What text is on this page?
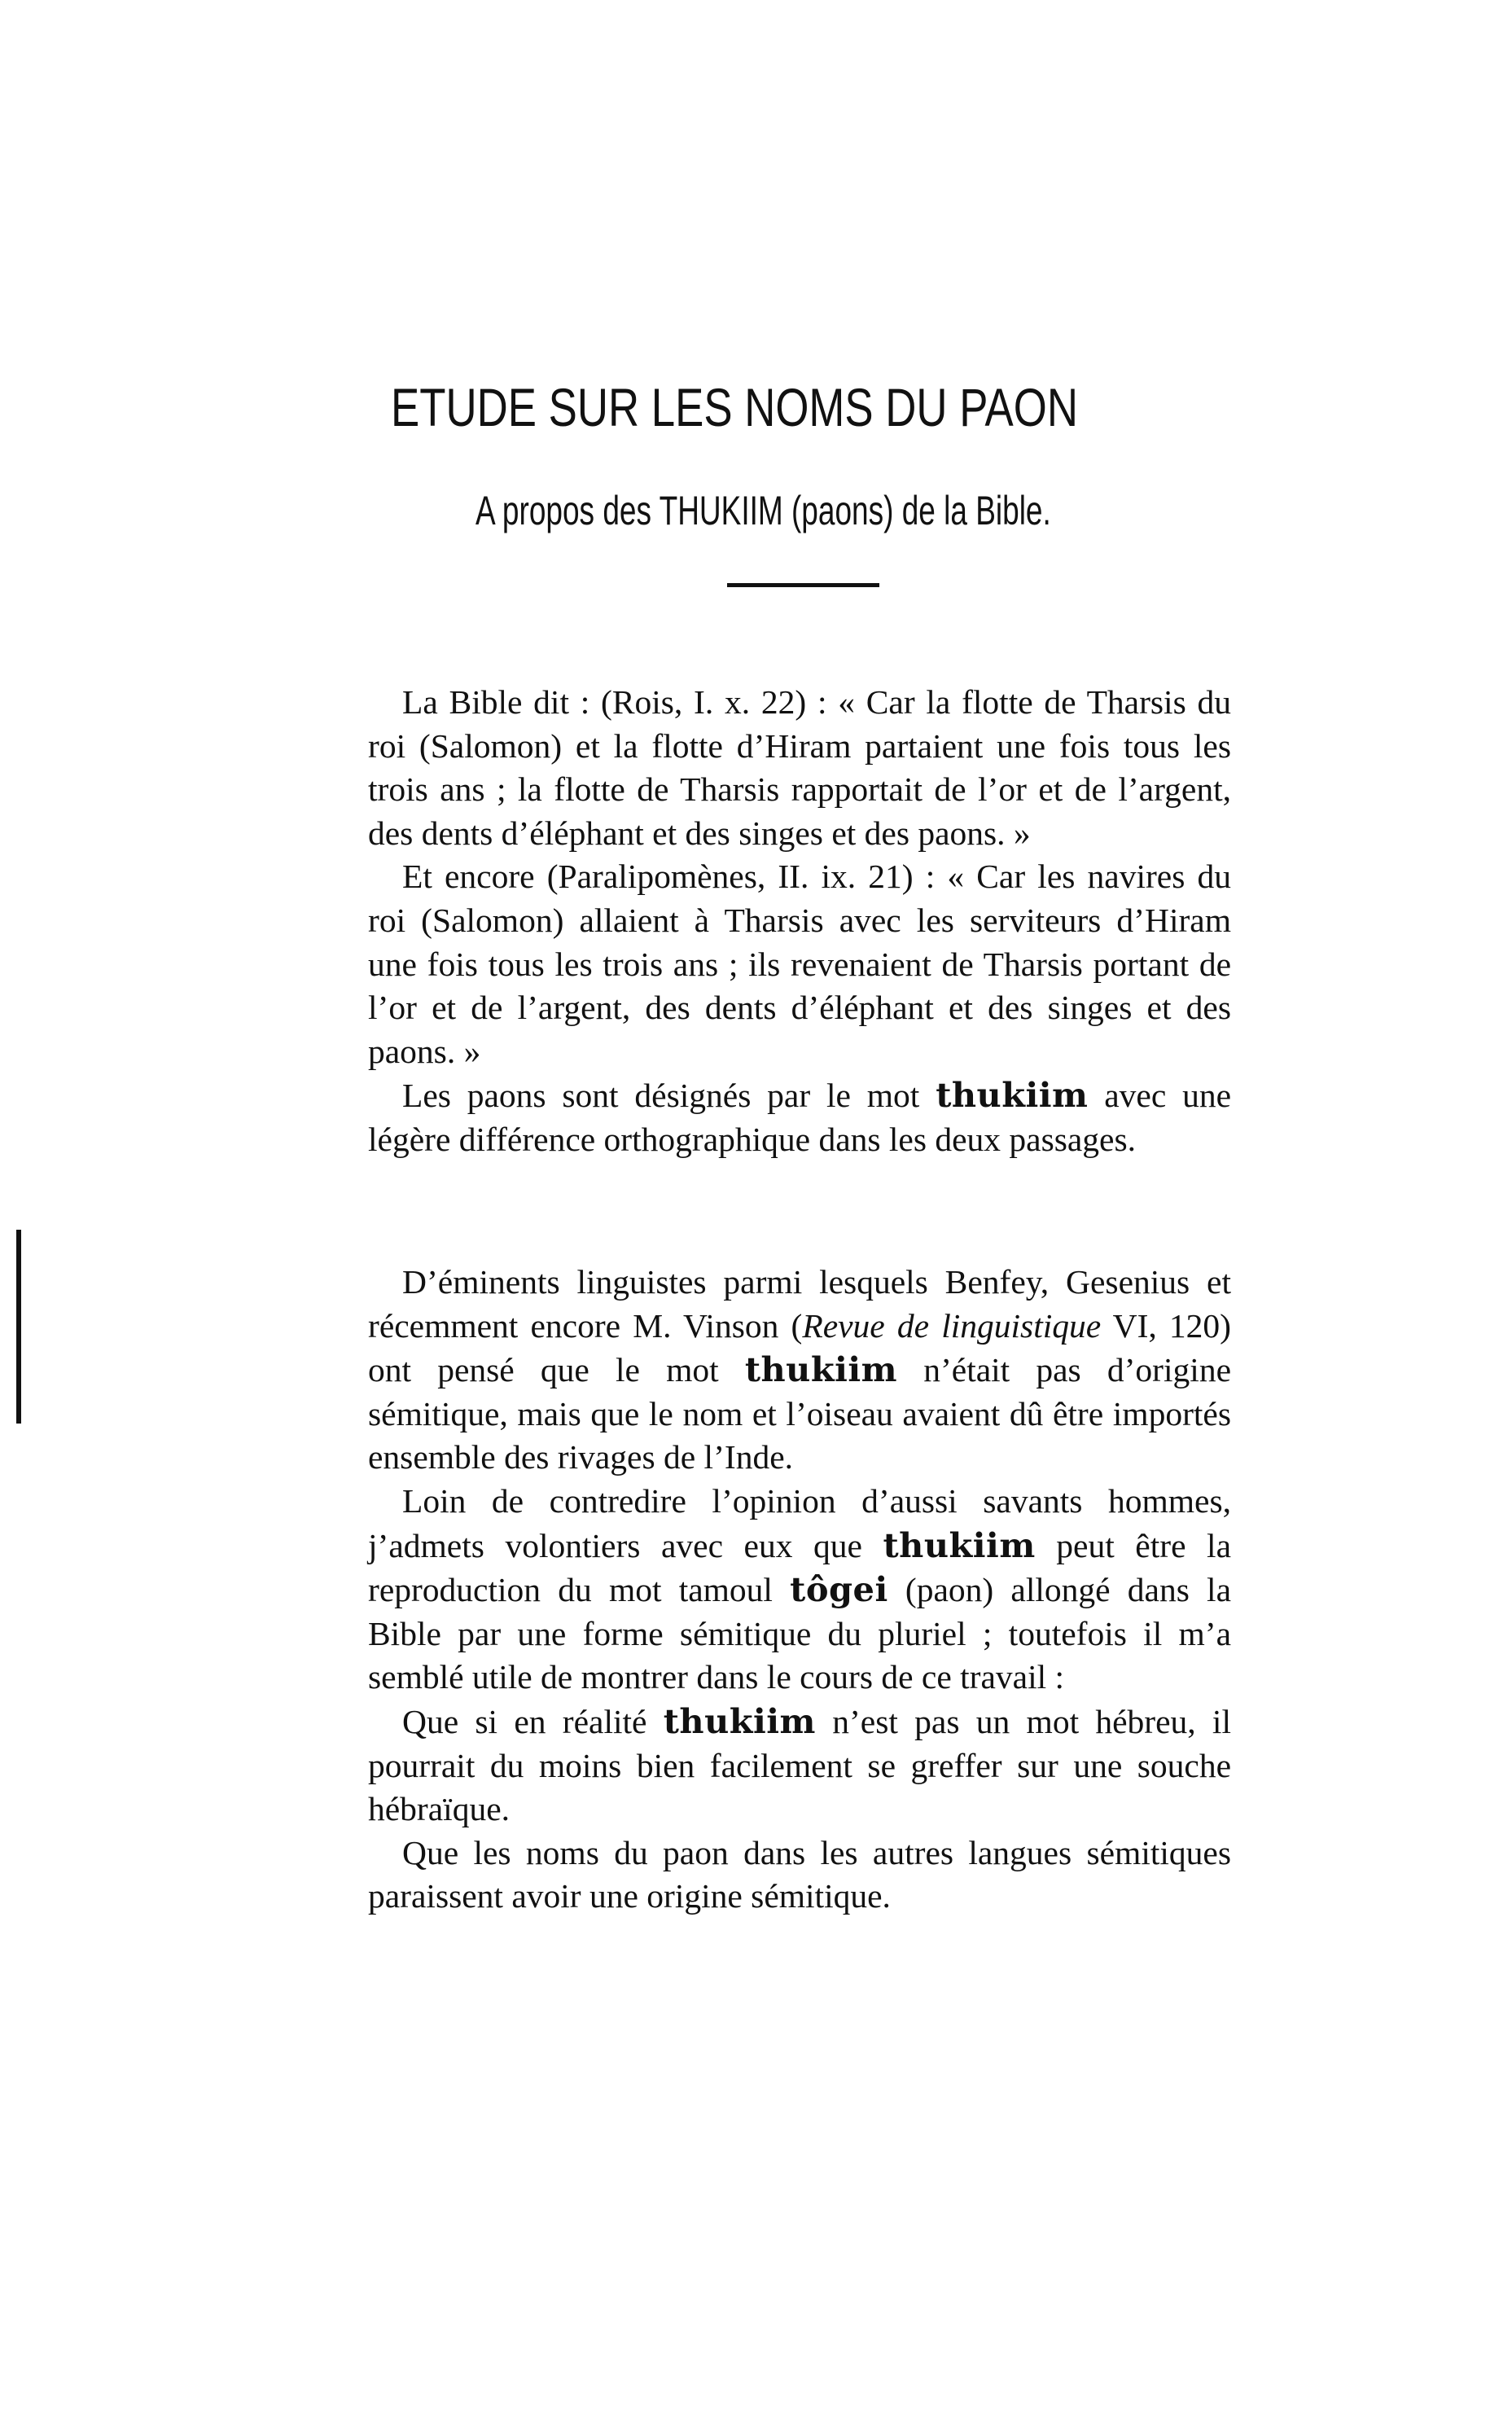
ETUDE SUR LES NOMS DU PAON
A propos des THUKIIM (paons) de la Bible.

La Bible dit : (Rois, I. x. 22) : « Car la flotte de Tharsis du roi (Salomon) et la flotte d’Hiram partaient une fois tous les trois ans ; la flotte de Tharsis rapportait de l’or et de l’argent, des dents d’éléphant et des singes et des paons. »

Et encore (Paralipomènes, II. ix. 21) : « Car les navires du roi (Salomon) allaient à Tharsis avec les serviteurs d’Hiram une fois tous les trois ans ; ils revenaient de Tharsis portant de l’or et de l’argent, des dents d’éléphant et des singes et des paons. »

Les paons sont désignés par le mot thukiim avec une légère différence orthographique dans les deux passages.

D’éminents linguistes parmi lesquels Benfey, Gesenius et récemment encore M. Vinson (Revue de linguistique VI, 120) ont pensé que le mot thukiim n’était pas d’origine sémitique, mais que le nom et l’oiseau avaient dû être importés ensemble des rivages de l’Inde.

Loin de contredire l’opinion d’aussi savants hommes, j’admets volontiers avec eux que thukiim peut être la reproduction du mot tamoul tôgei (paon) allongé dans la Bible par une forme sémitique du pluriel ; toutefois il m’a semblé utile de montrer dans le cours de ce travail :

Que si en réalité thukiim n’est pas un mot hébreu, il pourrait du moins bien facilement se greffer sur une souche hébraïque.

Que les noms du paon dans les autres langues sémitiques paraissent avoir une origine sémitique.
